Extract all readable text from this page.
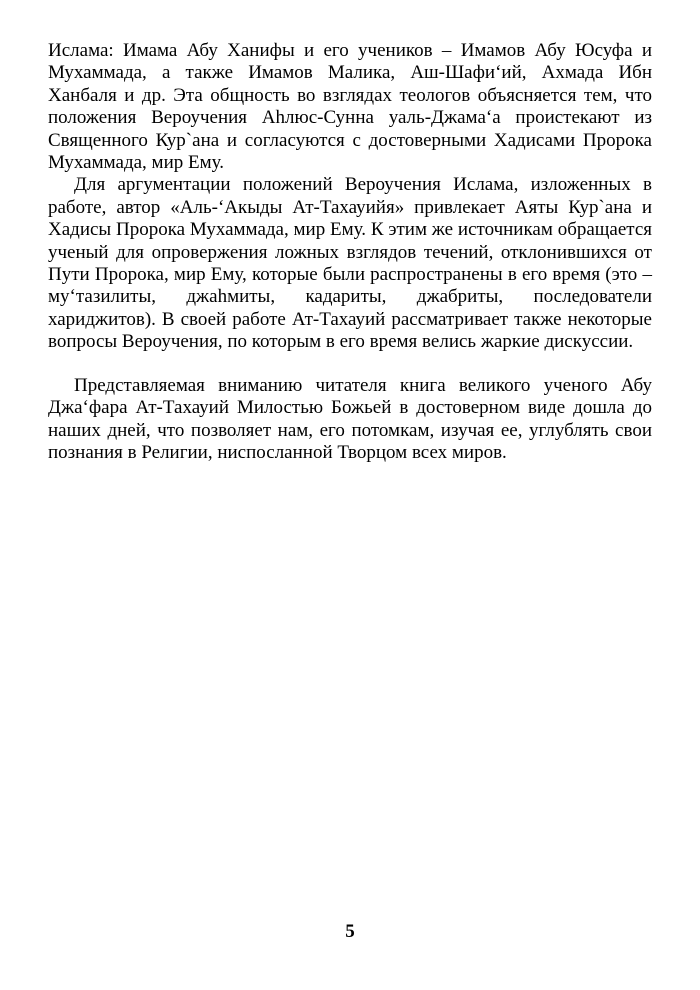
Ислама: Имама Абу Ханифы и его учеников – Имамов Абу Юсуфа и Мухаммада, а также Имамов Малика, Аш-Шафи‘ий, Ахмада Ибн Ханбаля и др. Эта общность во взглядах теологов объясняется тем, что положения Вероучения Аһлюс-Сунна уаль-Джама‘а проистекают из Священного Кур`ана и согласуются с достоверными Хадисами Пророка Мухаммада, мир Ему.

Для аргументации положений Вероучения Ислама, изложенных в работе, автор «Аль-‘Акыды Ат-Тахауийя» привлекает Аяты Кур`ана и Хадисы Пророка Мухаммада, мир Ему. К этим же источникам обращается ученый для опровержения ложных взглядов течений, отклонившихся от Пути Пророка, мир Ему, которые были распространены в его время (это – му‘тазилиты, джаһмиты, кадариты, джабриты, последователи хариджитов). В своей работе Ат-Тахауий рассматривает также некоторые вопросы Вероучения, по которым в его время велись жаркие дискуссии.

Представляемая вниманию читателя книга великого ученого Абу Джа‘фара Ат-Тахауий Милостью Божьей в достоверном виде дошла до наших дней, что позволяет нам, его потомкам, изучая ее, углублять свои познания в Религии, ниспосланной Творцом всех миров.

5
